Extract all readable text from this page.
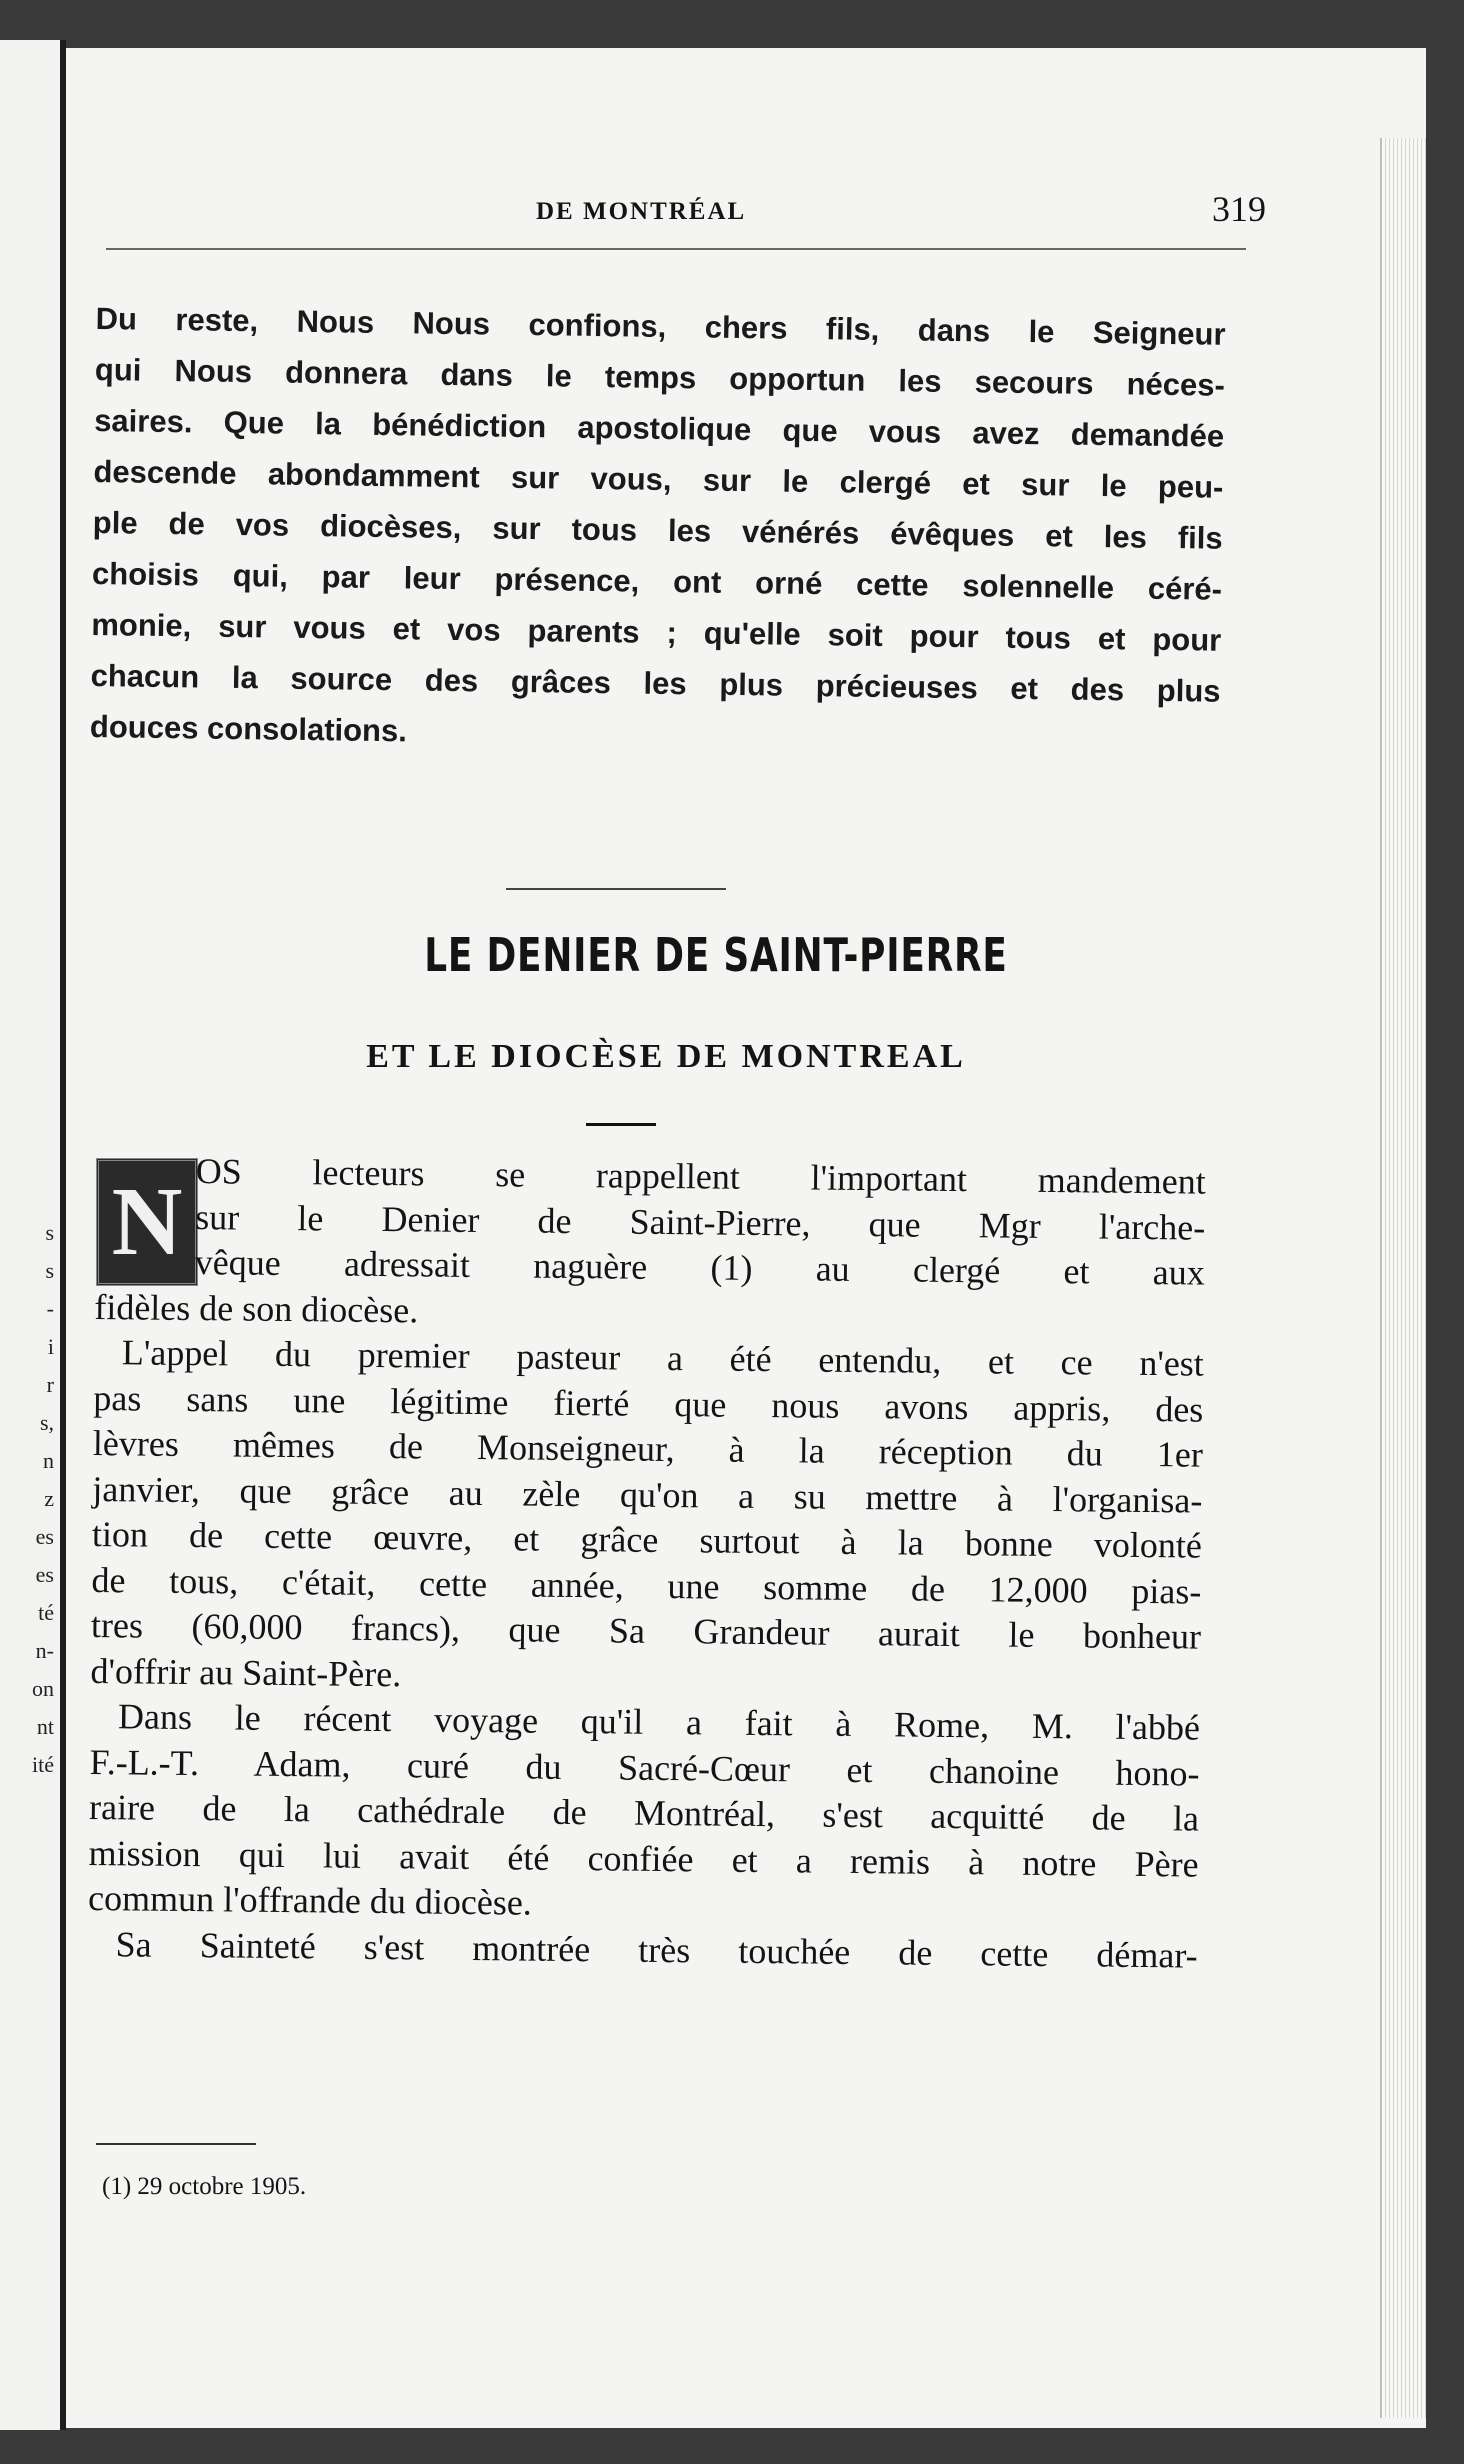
s
s
-
i
r
s,
n
z
es
es
té
n-
on
nt
ité
DE MONTRÉAL	319
Du reste, Nous Nous confions, chers fils, dans le Seigneur
qui Nous donnera dans le temps opportun les secours néces-
saires. Que la bénédiction apostolique que vous avez demandée
descende abondamment sur vous, sur le clergé et sur le peu-
ple de vos diocèses, sur tous les vénérés évêques et les fils
choisis qui, par leur présence, ont orné cette solennelle céré-
monie, sur vous et vos parents ; qu'elle soit pour tous et pour
chacun la source des grâces les plus précieuses et des plus
douces consolations.
LE DENIER DE SAINT-PIERRE
ET LE DIOCÈSE DE MONTREAL
N OS lecteurs se rappellent l'important mandement
sur le Denier de Saint-Pierre, que Mgr l'arche-
vêque adressait naguère (1) au clergé et aux
fidèles de son diocèse.
L'appel du premier pasteur a été entendu, et ce n'est
pas sans une légitime fierté que nous avons appris, des
lèvres mêmes de Monseigneur, à la réception du 1er
janvier, que grâce au zèle qu'on a su mettre à l'organisa-
tion de cette œuvre, et grâce surtout à la bonne volonté
de tous, c'était, cette année, une somme de 12,000 pias-
tres (60,000 francs), que Sa Grandeur aurait le bonheur
d'offrir au Saint-Père.
Dans le récent voyage qu'il a fait à Rome, M. l'abbé
F.-L.-T. Adam, curé du Sacré-Cœur et chanoine hono-
raire de la cathédrale de Montréal, s'est acquitté de la
mission qui lui avait été confiée et a remis à notre Père
commun l'offrande du diocèse.
Sa Sainteté s'est montrée très touchée de cette démar-
(1) 29 octobre 1905.
